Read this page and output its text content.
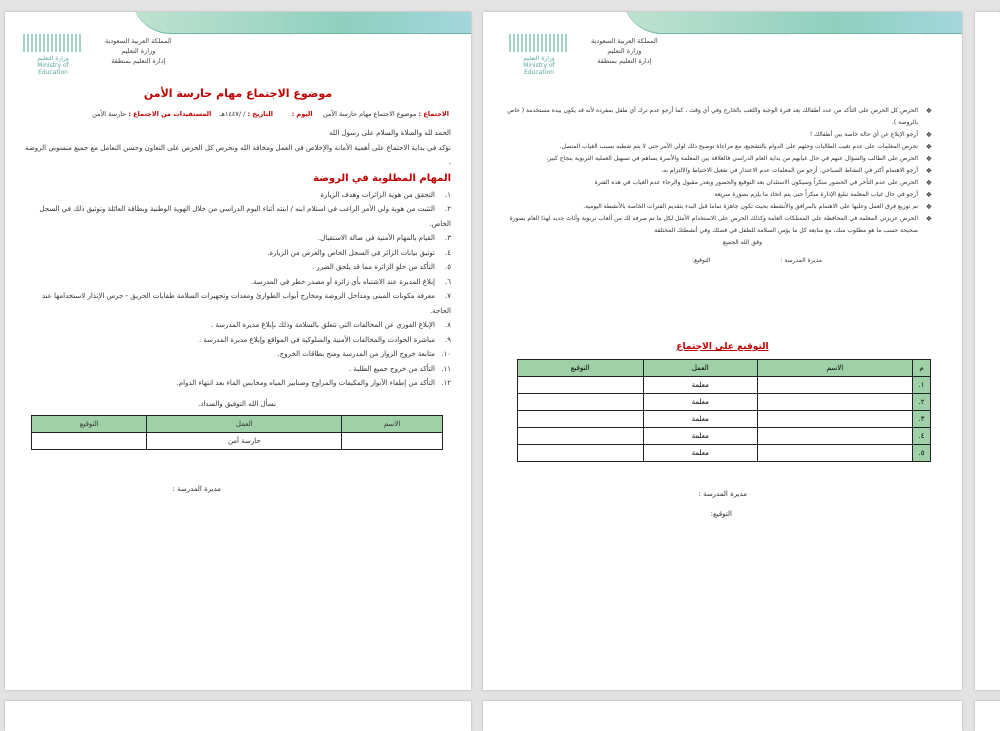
وزارة التعليم
Ministry of Education
المملكة العربية السعودية
وزارة التعليم
إدارة التعليم بمنطقة
موضوع الاجتماع مهام حارسة الأمن
الاجتماع : موضوع الاجتماع مهام حارسة الأمن     اليوم :         التاريخ : / /١٤٤٧هـ    المستفيدات من الاجتماع : حارسة الأمن
الحمد لله والصلاة والسلام على رسول الله
نؤكد في بداية الاجتماع على أهمية الأمانة والإخلاص في العمل ومخافة الله ونحرص كل الحرص على التعاون وحسن التعامل مع جميع منسوبي الروضة .
المهام المطلوبة في الروضة
١.التحقق من هوية الزائرات وهدف الزيارة
٢.التثبت من هوية ولي الأمر الراغب في استلام ابنه / ابنته أثناء اليوم الدراسي من خلال الهوية الوطنية وبطاقة العائلة وتوثيق ذلك في السجل الخاص.
٣.القيام بالمهام الأمنية في صالة الاستقبال.
٤.توثيق بيانات الزائر في السجل الخاص والغرض من الزيارة.
٥.التأكد من خلو الزائرة مما قد يلحق الضرر .
٦.إبلاغ المديرة عند الاشتباه بأي زائرة أو مصدر خطر في المدرسة.
٧.معرفة مكونات المبنى ومداخل الروضة ومخارج أبواب الطوارئ ومعدات وتجهيزات السلامة طفايات الحريق - جرس الإنذار لاستخدامها عند الحاجة.
٨.الإبلاغ الفوري عن المخالفات التي تتعلق بالسلامة وذلك بإبلاغ مديرة المدرسة .
٩.مباشرة الحوادث والمخالفات الأمنية والسلوكية في المواقع وإبلاغ مديرة المدرسة .
١٠.متابعة خروج الزوار من المدرسة ومنح بطاقات الخروج.
١١.التأكد من خروج جميع الطلبة .
١٢.التأكد من إطفاء الأنوار والمكيفات والمراوح وصنابير المياه ومحابس الماء بعد انتهاء الدوام.
نسأل الله التوفيق والسداد.
الاسم	العمل	التوقيع
	حارسة أمن	
مديرة المدرسة :
وزارة التعليم
Ministry of Education
المملكة العربية السعودية
وزارة التعليم
إدارة التعليم بمنطقة
❖ الحرص كل الحرص على التأكد من عدد أطفالك بعد فترة الوجبة واللعب بالخارج وفي أي وقت ، كما أرجو عدم ترك أي طفل بمفرده لأنه قد يكون بيده مستخدمة ( خاص بالروضة ).
❖ أرجو الإبلاغ عن أي حالة خاصة بين أطفالك !
❖ تحرص المعلمات على عدم تغيب الطالبات وحثهم على الدوام بالتشجيع، مع مراعاة توضيح ذلك لولي الأمر حتى لا يتم شطبه بسبب الغياب المتصل.
❖ الحرص على الطالب والسؤال عنهم في حال غيابهم من بداية العام الدراسي فالعلاقة بين المعلمة والأسرة يساهم في تسهيل العملية التربوية بنجاح كبير.
❖ أرجو الاهتمام أكثر في النشاط الصباحي. أرجو من المعلمات عدم الاعتذار في تفعيل الاحتياط والالتزام به.
❖ الحرص على عدم التأخر في الحضور مبكراً وسيكون الاستئذان بعد التوقيع والحضور وبعذر مقبول والرجاء عدم الغياب في هذه الفترة
❖ أرجو في حال غياب المعلمة تبليغ الإدارة مبكراً حتى يتم اتخاذ ما يلزم بصورة سريعة
❖ تم توزيع فرق العمل وعليها على الاهتمام بالمرافق والأنشطة بحيث تكون جاهزة تماما قبل البدء بتقديم الفترات الخاصة بالأنشطة اليومية.
❖ الحرص عزيزتي المعلمة في المحافظة على الممتلكات العامة وكذلك الحرص على الاستخدام الأمثل لكل ما تم صرفه لك من ألعاب تربوية وأثاث جديد لهذا العام بصورة صحيحة حسب ما هو مطلوب منك، مع متابعة كل ما يؤمن السلامة للطفل في فصلك وفي أنشطتك المختلفة
وفق الله الجميع
مديرة المدرسة :التوقيع:
التوقيع على الاجتماع
م	الاسم	العمل	التوقيع
١.		معلمة	
٢.		معلمة	
٣.		معلمة	
٤.		معلمة	
٥.		معلمة	
مديرة المدرسة :
التوقيع:
